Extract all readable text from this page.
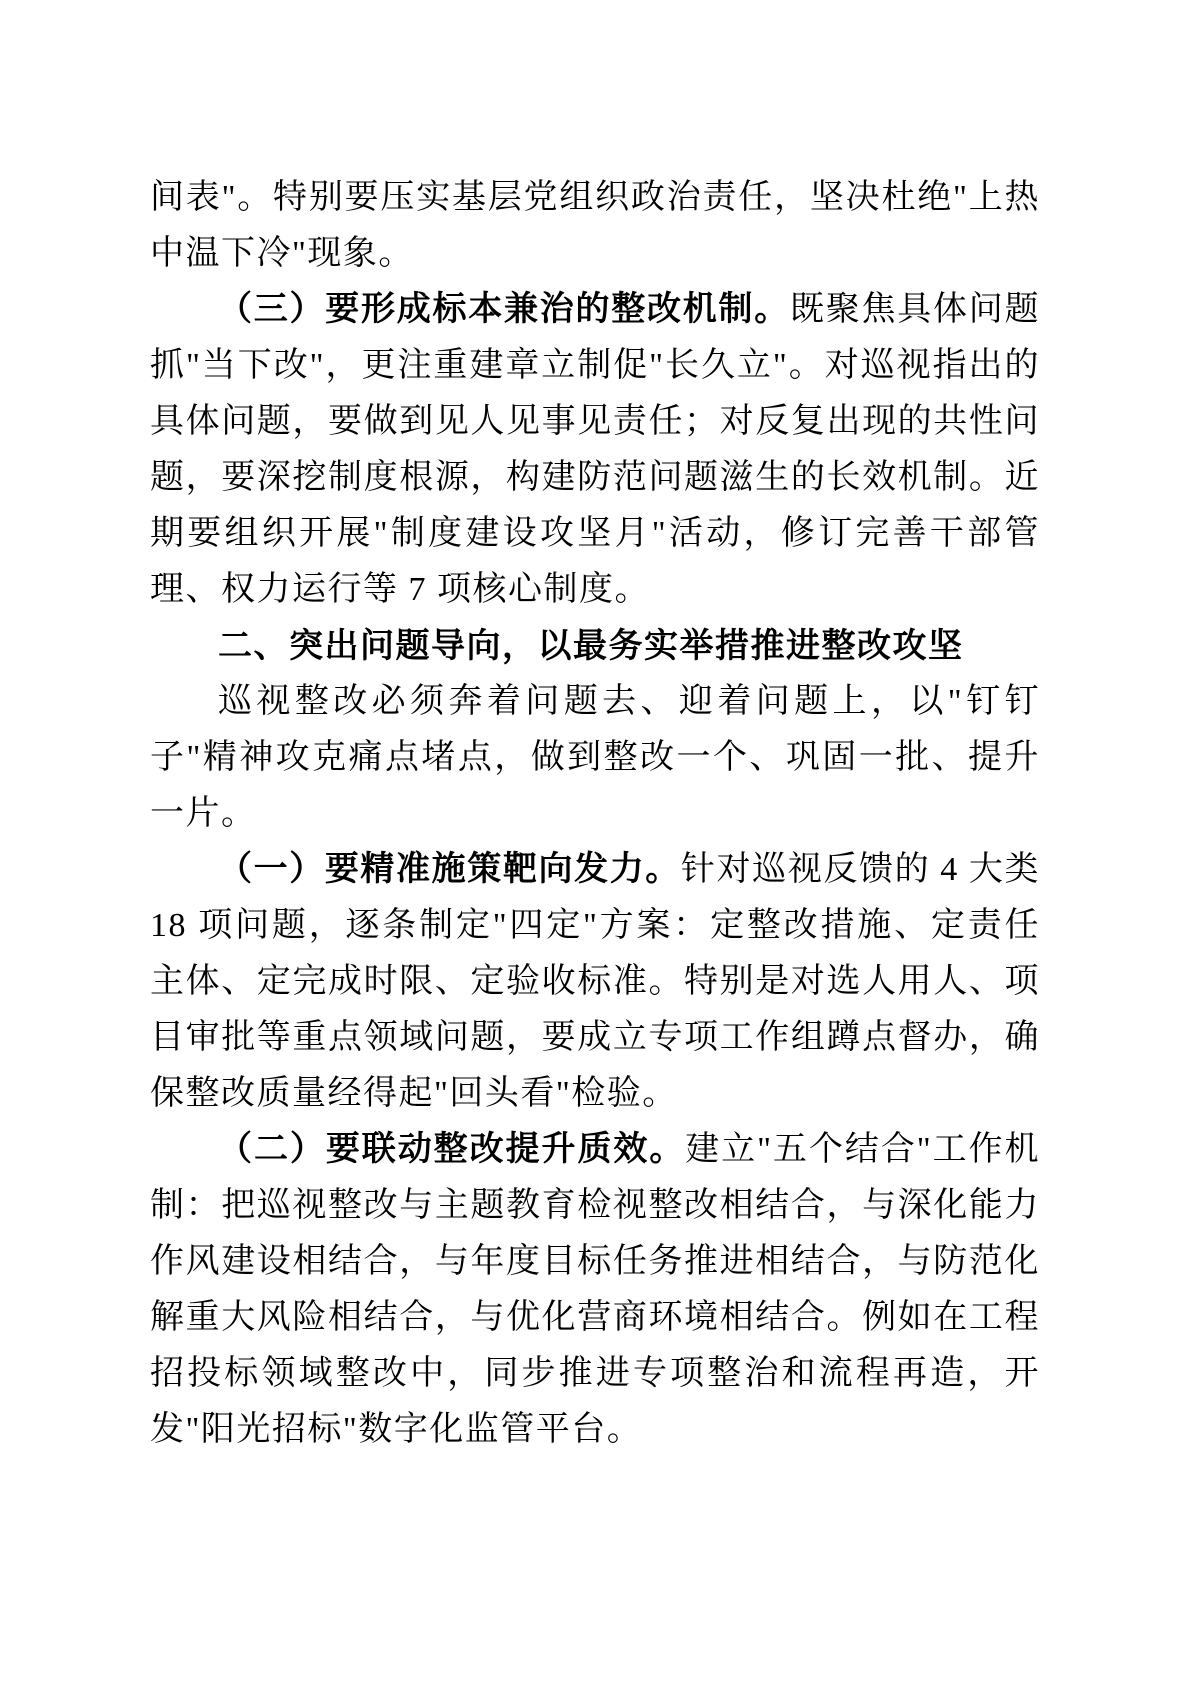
间表"。特别要压实基层党组织政治责任，坚决杜绝"上热中温下冷"现象。

（三）要形成标本兼治的整改机制。既聚焦具体问题抓"当下改"，更注重建章立制促"长久立"。对巡视指出的具体问题，要做到见人见事见责任；对反复出现的共性问题，要深挖制度根源，构建防范问题滋生的长效机制。近期要组织开展"制度建设攻坚月"活动，修订完善干部管理、权力运行等 7 项核心制度。

二、突出问题导向，以最务实举措推进整改攻坚

巡视整改必须奔着问题去、迎着问题上，以"钉钉子"精神攻克痛点堵点，做到整改一个、巩固一批、提升一片。

（一）要精准施策靶向发力。针对巡视反馈的 4 大类 18 项问题，逐条制定"四定"方案：定整改措施、定责任主体、定完成时限、定验收标准。特别是对选人用人、项目审批等重点领域问题，要成立专项工作组蹲点督办，确保整改质量经得起"回头看"检验。

（二）要联动整改提升质效。建立"五个结合"工作机制：把巡视整改与主题教育检视整改相结合，与深化能力作风建设相结合，与年度目标任务推进相结合，与防范化解重大风险相结合，与优化营商环境相结合。例如在工程招投标领域整改中，同步推进专项整治和流程再造，开发"阳光招标"数字化监管平台。
